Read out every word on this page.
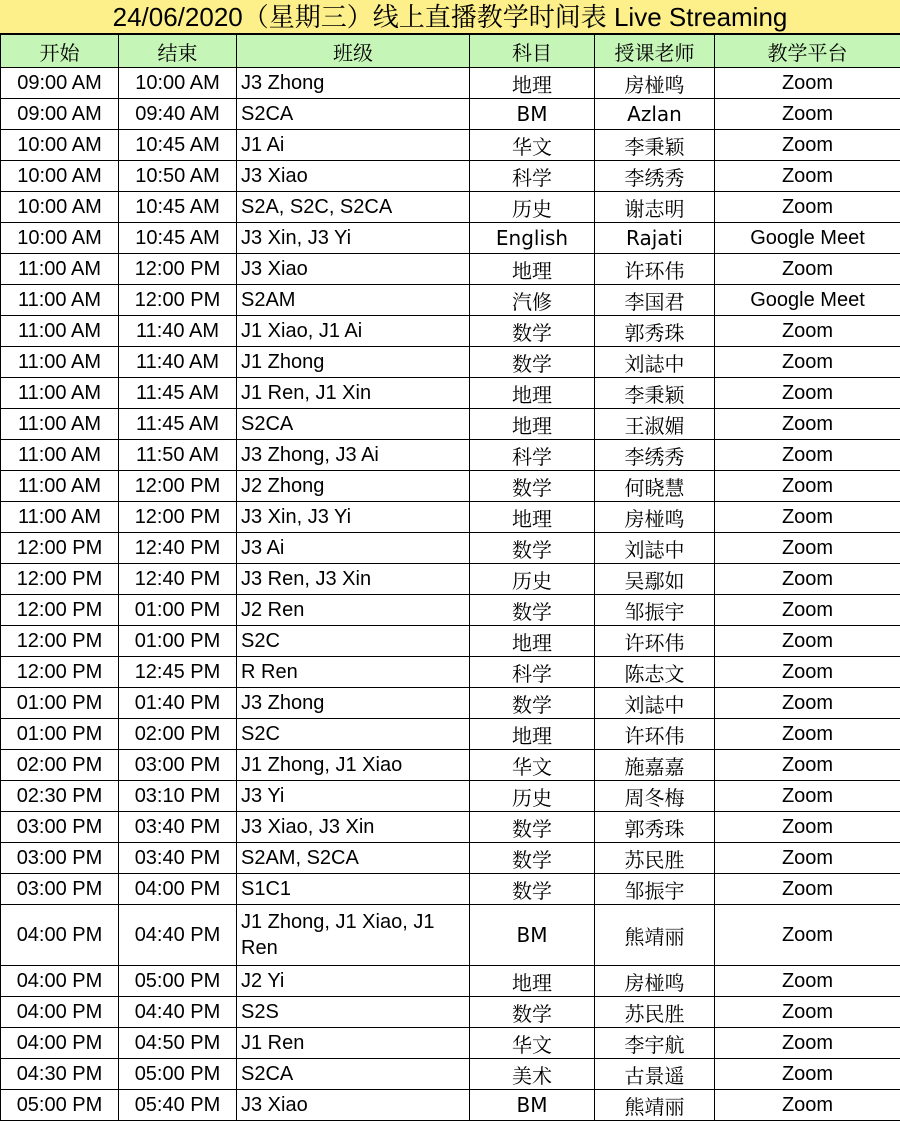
24/06/2020（星期三）线上直播教学时间表 Live Streaming
开始	结束	班级	科目	授课老师	教学平台
09:00 AM	10:00 AM	J3 Zhong	地理	房椪鸣	Zoom
09:00 AM	09:40 AM	S2CA	BM	Azlan	Zoom
10:00 AM	10:45 AM	J1 Ai	华文	李秉颖	Zoom
10:00 AM	10:50 AM	J3 Xiao	科学	李绣秀	Zoom
10:00 AM	10:45 AM	S2A, S2C, S2CA	历史	谢志明	Zoom
10:00 AM	10:45 AM	J3 Xin, J3 Yi	English	Rajati	Google Meet
11:00 AM	12:00 PM	J3 Xiao	地理	许环伟	Zoom
11:00 AM	12:00 PM	S2AM	汽修	李国君	Google Meet
11:00 AM	11:40 AM	J1 Xiao, J1 Ai	数学	郭秀珠	Zoom
11:00 AM	11:40 AM	J1 Zhong	数学	刘誌中	Zoom
11:00 AM	11:45 AM	J1 Ren, J1 Xin	地理	李秉颖	Zoom
11:00 AM	11:45 AM	S2CA	地理	王淑媚	Zoom
11:00 AM	11:50 AM	J3 Zhong, J3 Ai	科学	李绣秀	Zoom
11:00 AM	12:00 PM	J2 Zhong	数学	何晓慧	Zoom
11:00 AM	12:00 PM	J3 Xin, J3 Yi	地理	房椪鸣	Zoom
12:00 PM	12:40 PM	J3 Ai	数学	刘誌中	Zoom
12:00 PM	12:40 PM	J3 Ren, J3 Xin	历史	吴鄢如	Zoom
12:00 PM	01:00 PM	J2 Ren	数学	邹振宇	Zoom
12:00 PM	01:00 PM	S2C	地理	许环伟	Zoom
12:00 PM	12:45 PM	R Ren	科学	陈志文	Zoom
01:00 PM	01:40 PM	J3 Zhong	数学	刘誌中	Zoom
01:00 PM	02:00 PM	S2C	地理	许环伟	Zoom
02:00 PM	03:00 PM	J1 Zhong, J1 Xiao	华文	施嘉嘉	Zoom
02:30 PM	03:10 PM	J3 Yi	历史	周冬梅	Zoom
03:00 PM	03:40 PM	J3 Xiao, J3 Xin	数学	郭秀珠	Zoom
03:00 PM	03:40 PM	S2AM, S2CA	数学	苏民胜	Zoom
03:00 PM	04:00 PM	S1C1	数学	邹振宇	Zoom
04:00 PM	04:40 PM	J1 Zhong, J1 Xiao, J1 Ren	BM	熊靖丽	Zoom
04:00 PM	05:00 PM	J2 Yi	地理	房椪鸣	Zoom
04:00 PM	04:40 PM	S2S	数学	苏民胜	Zoom
04:00 PM	04:50 PM	J1 Ren	华文	李宇航	Zoom
04:30 PM	05:00 PM	S2CA	美术	古景遥	Zoom
05:00 PM	05:40 PM	J3 Xiao	BM	熊靖丽	Zoom
